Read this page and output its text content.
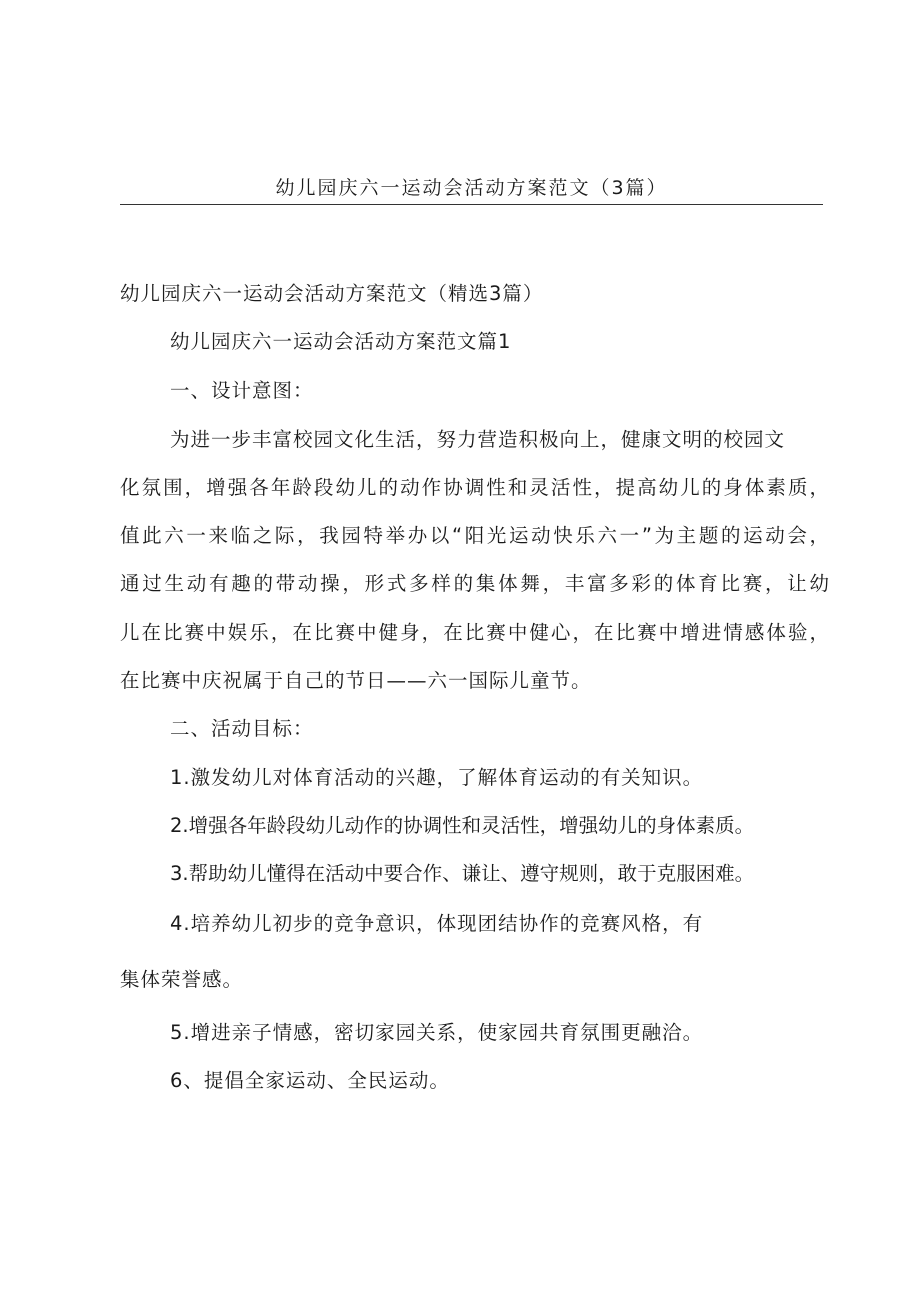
幼儿园庆六一运动会活动方案范文（3篇）
幼儿园庆六一运动会活动方案范文（精选3篇）
幼儿园庆六一运动会活动方案范文篇1
一、设计意图：
为进一步丰富校园文化生活，努力营造积极向上，健康文明的校园文
化氛围，增强各年龄段幼儿的动作协调性和灵活性，提高幼儿的身体素质，
值此六一来临之际，我园特举办以“阳光运动快乐六一”为主题的运动会，
通过生动有趣的带动操，形式多样的集体舞，丰富多彩的体育比赛，让幼
儿在比赛中娱乐，在比赛中健身，在比赛中健心，在比赛中增进情感体验，
在比赛中庆祝属于自己的节日——六一国际儿童节。
二、活动目标：
1.激发幼儿对体育活动的兴趣，了解体育运动的有关知识。
2.增强各年龄段幼儿动作的协调性和灵活性，增强幼儿的身体素质。
3.帮助幼儿懂得在活动中要合作、谦让、遵守规则，敢于克服困难。
4.培养幼儿初步的竞争意识，体现团结协作的竞赛风格，有
集体荣誉感。
5.增进亲子情感，密切家园关系，使家园共育氛围更融洽。
6、提倡全家运动、全民运动。
